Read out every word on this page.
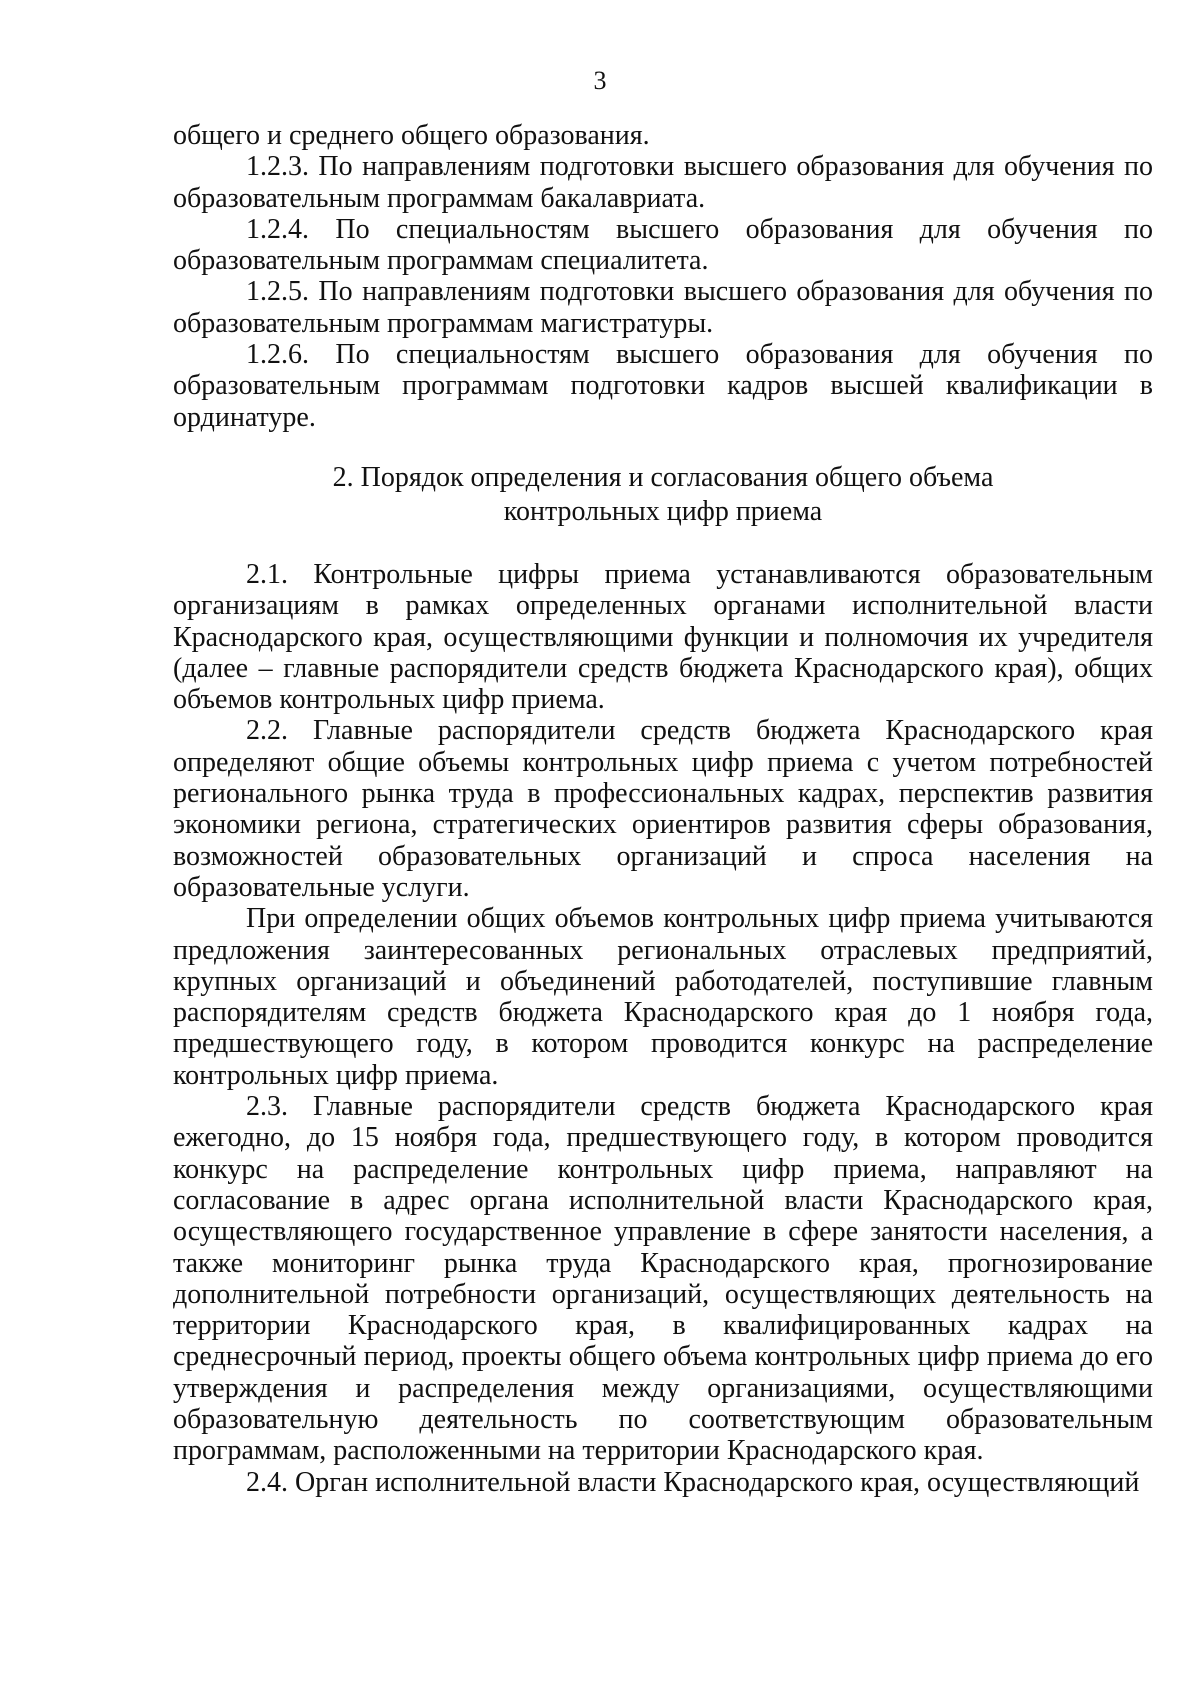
3

общего и среднего общего образования.

1.2.3. По направлениям подготовки высшего образования для обучения по образовательным программам бакалавриата.

1.2.4. По специальностям высшего образования для обучения по образовательным программам специалитета.

1.2.5. По направлениям подготовки высшего образования для обучения по образовательным программам магистратуры.

1.2.6. По специальностям высшего образования для обучения по образовательным программам подготовки кадров высшей квалификации в ординатуре.

2. Порядок определения и согласования общего объема
контрольных цифр приема

2.1. Контрольные цифры приема устанавливаются образовательным организациям в рамках определенных органами исполнительной власти Краснодарского края, осуществляющими функции и полномочия их учредителя (далее – главные распорядители средств бюджета Краснодарского края), общих объемов контрольных цифр приема.

2.2. Главные распорядители средств бюджета Краснодарского края определяют общие объемы контрольных цифр приема с учетом потребностей регионального рынка труда в профессиональных кадрах, перспектив развития экономики региона, стратегических ориентиров развития сферы образования, возможностей образовательных организаций и спроса населения на образовательные услуги.

При определении общих объемов контрольных цифр приема учитываются предложения заинтересованных региональных отраслевых предприятий, крупных организаций и объединений работодателей, поступившие главным распорядителям средств бюджета Краснодарского края до 1 ноября года, предшествующего году, в котором проводится конкурс на распределение контрольных цифр приема.

2.3. Главные распорядители средств бюджета Краснодарского края ежегодно, до 15 ноября года, предшествующего году, в котором проводится конкурс на распределение контрольных цифр приема, направляют на согласование в адрес органа исполнительной власти Краснодарского края, осуществляющего государственное управление в сфере занятости населения, а также мониторинг рынка труда Краснодарского края, прогнозирование дополнительной потребности организаций, осуществляющих деятельность на территории Краснодарского края, в квалифицированных кадрах на среднесрочный период, проекты общего объема контрольных цифр приема до его утверждения и распределения между организациями, осуществляющими образовательную деятельность по соответствующим образовательным программам, расположенными на территории Краснодарского края.

2.4. Орган исполнительной власти Краснодарского края, осуществляющий
